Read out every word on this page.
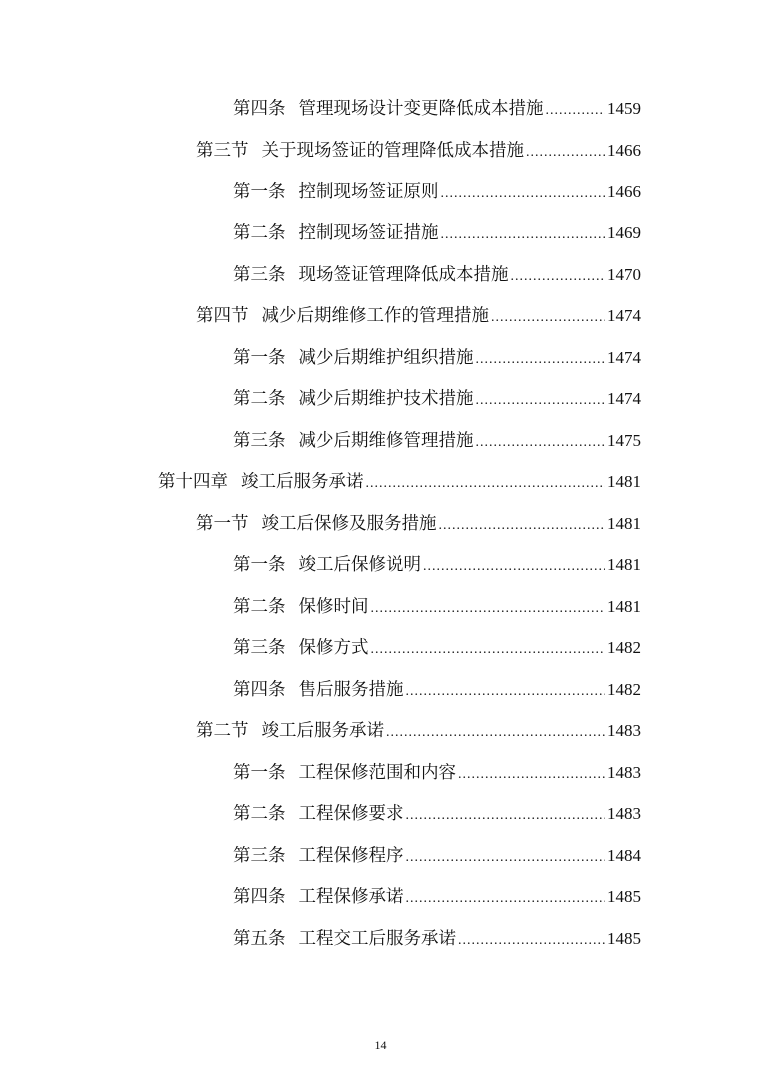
第四条 管理现场设计变更降低成本措施 .....	1459
第三节 关于现场签证的管理降低成本措施 .....	1466
第一条 控制现场签证原则 .....	1466
第二条 控制现场签证措施 .....	1469
第三条 现场签证管理降低成本措施 .....	1470
第四节 减少后期维修工作的管理措施 .....	1474
第一条 减少后期维护组织措施 .....	1474
第二条 减少后期维护技术措施 .....	1474
第三条 减少后期维修管理措施 .....	1475
第十四章 竣工后服务承诺 .....	1481
第一节 竣工后保修及服务措施 .....	1481
第一条 竣工后保修说明 .....	1481
第二条 保修时间 .....	1481
第三条 保修方式 .....	1482
第四条 售后服务措施 .....	1482
第二节 竣工后服务承诺 .....	1483
第一条 工程保修范围和内容 .....	1483
第二条 工程保修要求 .....	1483
第三条 工程保修程序 .....	1484
第四条 工程保修承诺 .....	1485
第五条 工程交工后服务承诺 .....	1485
14
